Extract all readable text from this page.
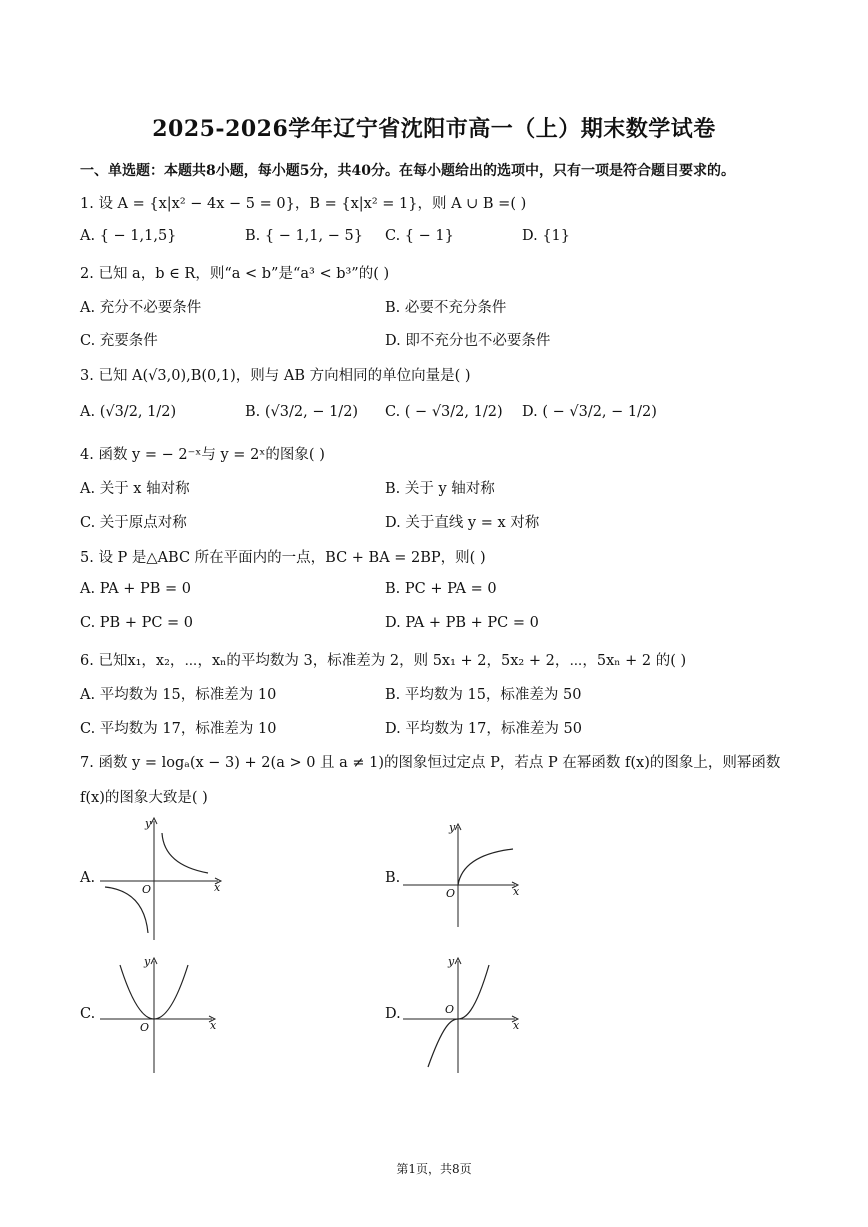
2025-2026学年辽宁省沈阳市高一（上）期末数学试卷
一、单选题：本题共8小题，每小题5分，共40分。在每小题给出的选项中，只有一项是符合题目要求的。
1. 设 A = {x|x² − 4x − 5 = 0}，B = {x|x² = 1}，则 A ∪ B =( )
A. { − 1,1,5}	B. { − 1,1, − 5} C. { − 1}	D. {1}
2. 已知 a，b ∈ R，则“a < b”是“a³ < b³”的( )
A. 充分不必要条件	B. 必要不充分条件
C. 充要条件	D. 即不充分也不必要条件
3. 已知 A(√3,0),B(0,1)，则与 AB 方向相同的单位向量是( )
A. (√3/2, 1/2)	B. (√3/2, − 1/2) C. ( − √3/2, 1/2) D. ( − √3/2, − 1/2)
4. 函数 y = − 2⁻ˣ与 y = 2ˣ的图象( )
A. 关于 x 轴对称	B. 关于 y 轴对称
C. 关于原点对称	D. 关于直线 y = x 对称
5. 设 P 是△ABC 所在平面内的一点，BC + BA = 2BP，则( )
A. PA + PB = 0	B. PC + PA = 0
C. PB + PC = 0	D. PA + PB + PC = 0
6. 已知x₁，x₂，⋯，xₙ的平均数为 3，标准差为 2，则 5x₁ + 2，5x₂ + 2，⋯，5xₙ + 2 的( )
A. 平均数为 15，标准差为 10	B. 平均数为 15，标准差为 50
C. 平均数为 17，标准差为 10	D. 平均数为 17，标准差为 50
7. 函数 y = logₐ(x − 3) + 2(a > 0 且 a ≠ 1)的图象恒过定点 P，若点 P 在幂函数 f(x)的图象上，则幂函数
f(x)的图象大致是( )
A.
y
x
O
B.
y
x
O
C.
y
x
O
D.
y
x
O
第1页，共8页
